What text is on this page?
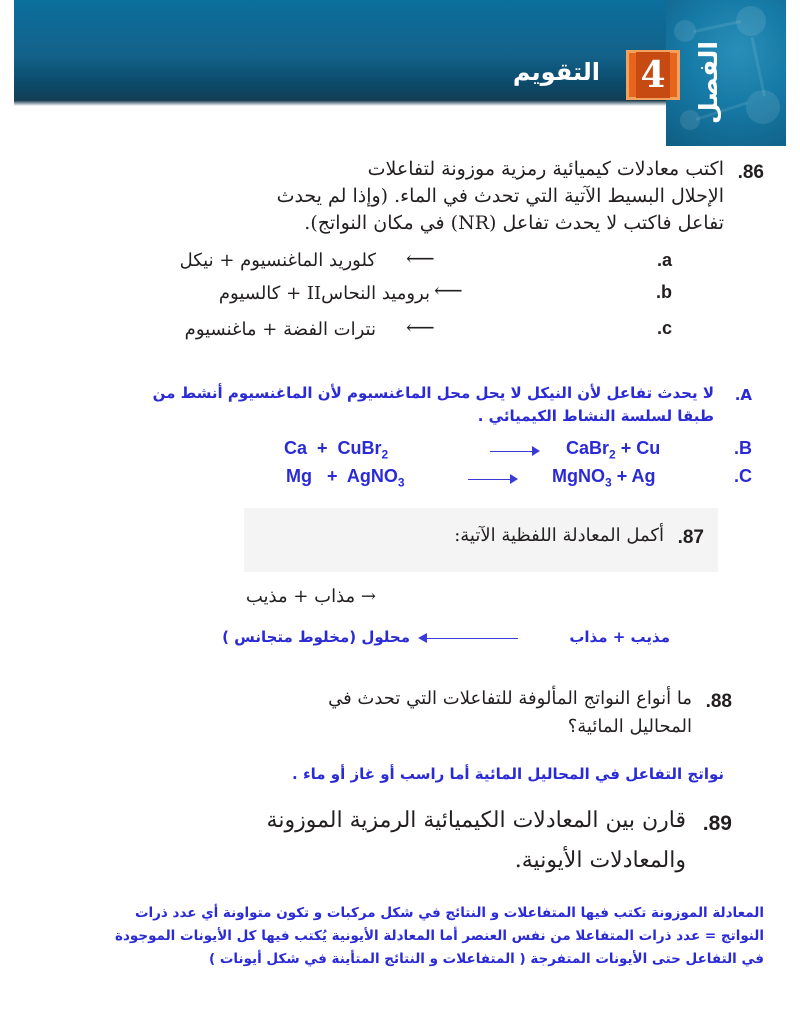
الفصل
4
التقويم
.86
اكتب معادلات كيميائية رمزية موزونة لتفاعلات
الإحلال البسيط الآتية التي تحدث في الماء. (وإذا لم يحدث
تفاعل فاكتب لا يحدث تفاعل (NR) في مكان النواتج).
.a
⟵
كلوريد الماغنسيوم + نيكل
.b
⟵
بروميد النحاسII + كالسيوم
.c
⟵
نترات الفضة + ماغنسيوم
.A
لا يحدث تفاعل لأن النيكل لا يحل محل الماغنسيوم لأن الماغنسيوم أنشط من
طبقا لسلسة النشاط الكيميائي .
.B
Ca  +  CuBr$_2$	CaBr$_2$ + Cu
.C
Mg   +  AgNO$_3$	MgNO$_3$ + Ag
.87
أكمل المعادلة اللفظية الآتية:
→ مذاب + مذيب
مذيب + مذاب
محلول (مخلوط متجانس )
.88
ما أنواع النواتج المألوفة للتفاعلات التي تحدث في
المحاليل المائية؟
نواتج التفاعل في المحاليل المائية أما راسب أو غاز أو ماء .
.89
قارن بين المعادلات الكيميائية الرمزية الموزونة
والمعادلات الأيونية.
المعادلة الموزونة تكتب فيها المتفاعلات و النتائج في شكل مركبات و تكون متواونة أي عدد ذرات
النواتج = عدد ذرات المتفاعلا من نفس العنصر أما المعادلة الأيونية يُكتب فيها كل الأيونات الموجودة
في التفاعل حتى الأيونات المتفرجة ( المتفاعلات و النتائج المتأينة في شكل أيونات )
